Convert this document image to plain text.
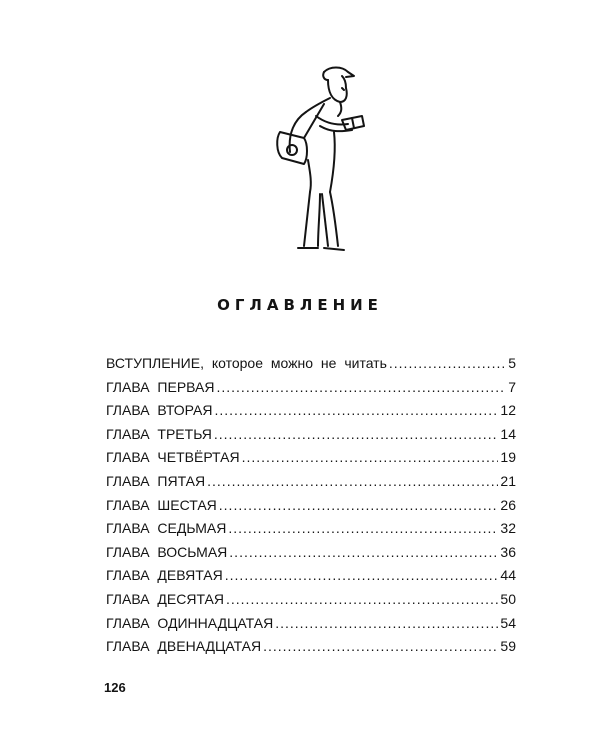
ОГЛАВЛЕНИЕ
ВСТУПЛЕНИЕ, которое можно не читать .....	5
ГЛАВА ПЕРВАЯ .....	7
ГЛАВА ВТОРАЯ .....	12
ГЛАВА ТРЕТЬЯ .....	14
ГЛАВА ЧЕТВЁРТАЯ .....	19
ГЛАВА ПЯТАЯ .....	21
ГЛАВА ШЕСТАЯ .....	26
ГЛАВА СЕДЬМАЯ .....	32
ГЛАВА ВОСЬМАЯ .....	36
ГЛАВА ДЕВЯТАЯ .....	44
ГЛАВА ДЕСЯТАЯ .....	50
ГЛАВА ОДИННАДЦАТАЯ .....	54
ГЛАВА ДВЕНАДЦАТАЯ .....	59
126
